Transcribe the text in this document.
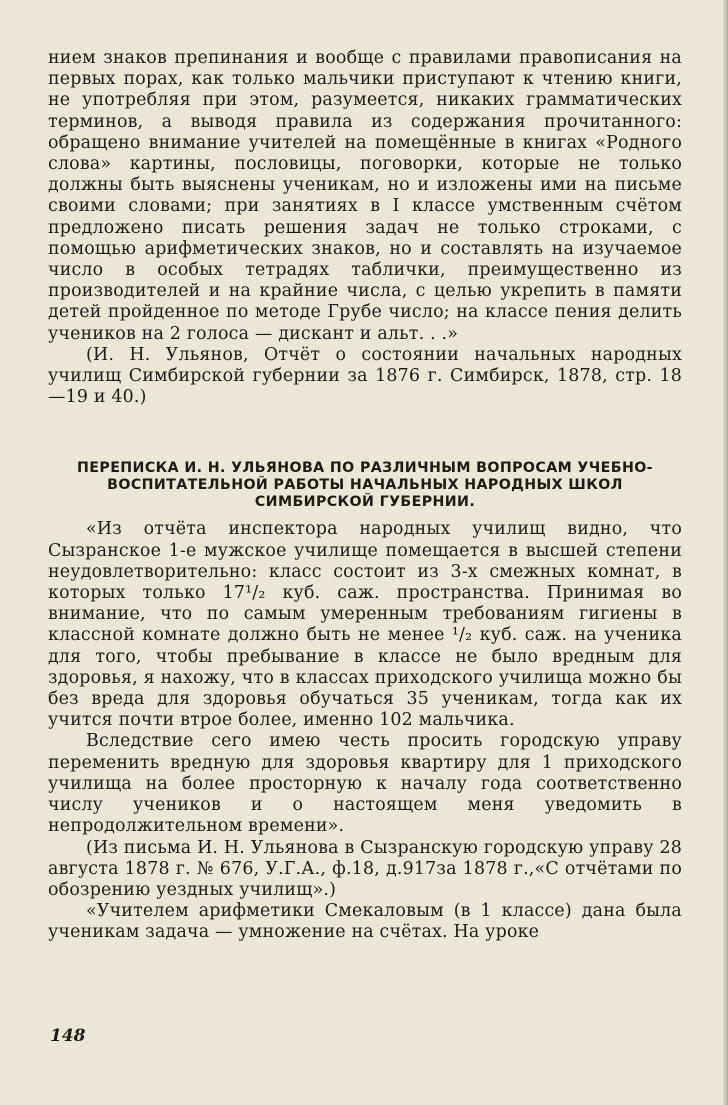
нием знаков препинания и вообще с правилами правописания на первых порах, как только мальчики приступают к чтению книги, не употребляя при этом, разумеется, никаких грамматических терминов, а выводя правила из содержания прочитанного: обращено внимание учителей на помещённые в книгах «Родного слова» картины, пословицы, поговорки, которые не только должны быть выяснены ученикам, но и изложены ими на письме своими словами; при занятиях в I классе умственным счётом предложено писать решения задач не только строками, с помощью арифметических знаков, но и составлять на изучаемое число в особых тетрадях таблички, преимущественно из производителей и на крайние числа, с целью укрепить в памяти детей пройденное по методе Грубе число; на классе пения делить учеников на 2 голоса — дискант и альт. . .»

(И. Н. Ульянов, Отчёт о состоянии начальных народных училищ Симбирской губернии за 1876 г. Симбирск, 1878, стр. 18—19 и 40.)

ПЕРЕПИСКА И. Н. УЛЬЯНОВА ПО РАЗЛИЧНЫМ ВОПРОСАМ УЧЕБНО-ВОСПИТАТЕЛЬНОЙ РАБОТЫ НАЧАЛЬНЫХ НАРОДНЫХ ШКОЛ СИМБИРСКОЙ ГУБЕРНИИ.

«Из отчёта инспектора народных училищ видно, что Сызранское 1-е мужское училище помещается в высшей степени неудовлетворительно: класс состоит из 3-х смежных комнат, в которых только 17¹/₂ куб. саж. пространства. Принимая во внимание, что по самым умеренным требованиям гигиены в классной комнате должно быть не менее ¹/₂ куб. саж. на ученика для того, чтобы пребывание в классе не было вредным для здоровья, я нахожу, что в классах приходского училища можно бы без вреда для здоровья обучаться 35 ученикам, тогда как их учится почти втрое более, именно 102 мальчика.

Вследствие сего имею честь просить городскую управу переменить вредную для здоровья квартиру для 1 приходского училища на более просторную к началу года соответственно числу учеников и о настоящем меня уведомить в непродолжительном времени».

(Из письма И. Н. Ульянова в Сызранскую городскую управу 28 августа 1878 г. № 676, У.Г.А., ф.18, д.917за 1878 г.,«С отчётами по обозрению уездных училищ».)

«Учителем арифметики Смекаловым (в 1 классе) дана была ученикам задача — умножение на счётах. На уроке

148
